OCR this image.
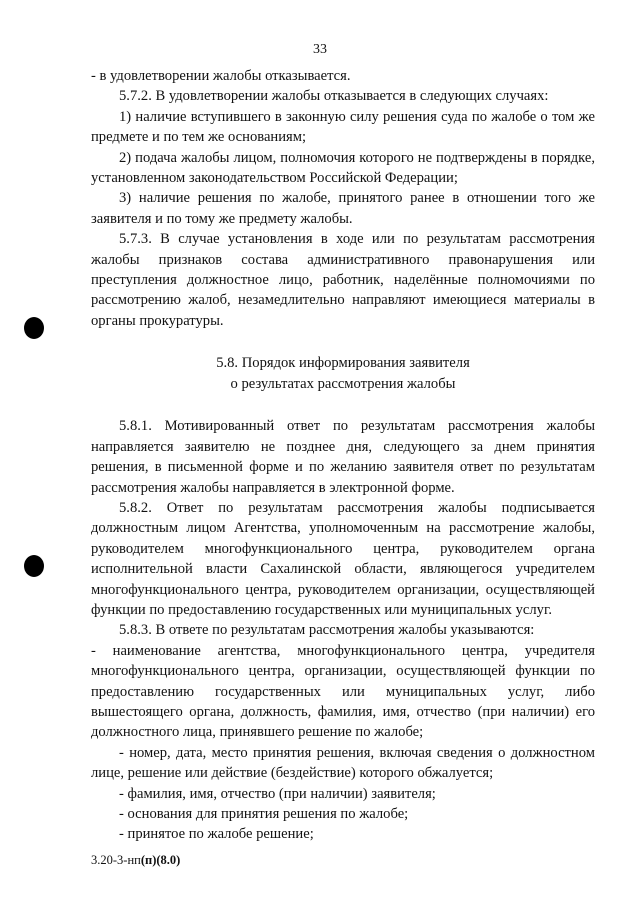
33

- в удовлетворении жалобы отказывается.

5.7.2. В удовлетворении жалобы отказывается в следующих случаях:

1) наличие вступившего в законную силу решения суда по жалобе о том же предмете и по тем же основаниям;

2) подача жалобы лицом, полномочия которого не подтверждены в порядке, установленном законодательством Российской Федерации;

3) наличие решения по жалобе, принятого ранее в отношении того же заявителя и по тому же предмету жалобы.

5.7.3. В случае установления в ходе или по результатам рассмотрения жалобы признаков состава административного правонарушения или преступления должностное лицо, работник, наделённые полномочиями по рассмотрению жалоб, незамедлительно направляют имеющиеся материалы в органы прокуратуры.

5.8. Порядок информирования заявителя
о результатах рассмотрения жалобы

5.8.1. Мотивированный ответ по результатам рассмотрения жалобы направляется заявителю не позднее дня, следующего за днем принятия решения, в письменной форме и по желанию заявителя ответ по результатам рассмотрения жалобы направляется в электронной форме.

5.8.2. Ответ по результатам рассмотрения жалобы подписывается должностным лицом Агентства, уполномоченным на рассмотрение жалобы, руководителем многофункционального центра, руководителем органа исполнительной власти Сахалинской области, являющегося учредителем многофункционального центра, руководителем организации, осуществляющей функции по предоставлению государственных или муниципальных услуг.

5.8.3. В ответе по результатам рассмотрения жалобы указываются:

- наименование агентства, многофункционального центра, учредителя многофункционального центра, организации, осуществляющей функции по предоставлению государственных или муниципальных услуг, либо вышестоящего органа, должность, фамилия, имя, отчество (при наличии) его должностного лица, принявшего решение по жалобе;

- номер, дата, место принятия решения, включая сведения о должностном лице, решение или действие (бездействие) которого обжалуется;

- фамилия, имя, отчество (при наличии) заявителя;

- основания для принятия решения по жалобе;

- принятое по жалобе решение;

3.20-3-нп(п)(8.0)
